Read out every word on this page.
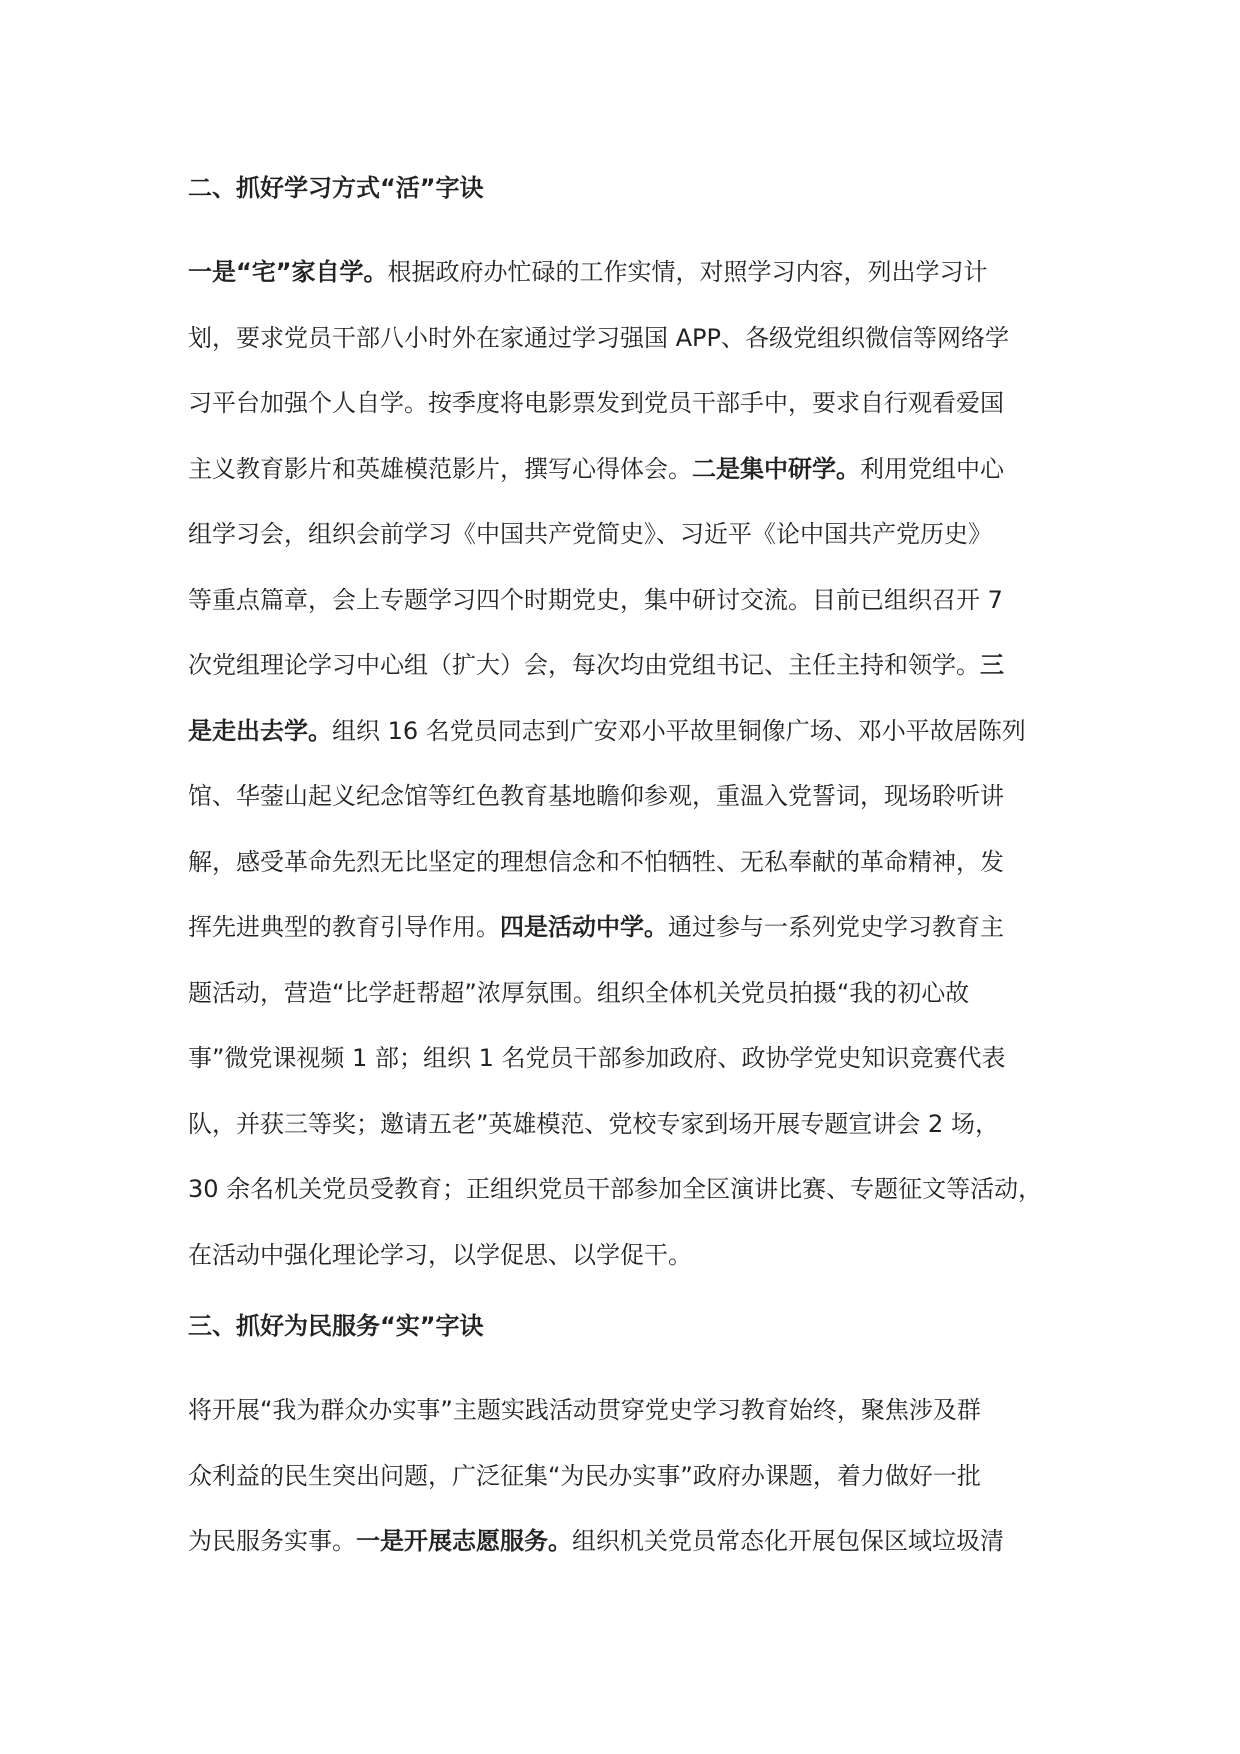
二、抓好学习方式“活”字诀
一是“宅”家自学。根据政府办忙碌的工作实情，对照学习内容，列出学习计
划，要求党员干部八小时外在家通过学习强国 APP、各级党组织微信等网络学
习平台加强个人自学。按季度将电影票发到党员干部手中，要求自行观看爱国
主义教育影片和英雄模范影片，撰写心得体会。二是集中研学。利用党组中心
组学习会，组织会前学习《中国共产党简史》、习近平《论中国共产党历史》
等重点篇章，会上专题学习四个时期党史，集中研讨交流。目前已组织召开 7
次党组理论学习中心组（扩大）会，每次均由党组书记、主任主持和领学。三
是走出去学。组织 16 名党员同志到广安邓小平故里铜像广场、邓小平故居陈列
馆、华蓥山起义纪念馆等红色教育基地瞻仰参观，重温入党誓词，现场聆听讲
解，感受革命先烈无比坚定的理想信念和不怕牺牲、无私奉献的革命精神，发
挥先进典型的教育引导作用。四是活动中学。通过参与一系列党史学习教育主
题活动，营造“比学赶帮超”浓厚氛围。组织全体机关党员拍摄“我的初心故
事”微党课视频 1 部；组织 1 名党员干部参加政府、政协学党史知识竞赛代表
队，并获三等奖；邀请五老”英雄模范、党校专家到场开展专题宣讲会 2 场，
30 余名机关党员受教育；正组织党员干部参加全区演讲比赛、专题征文等活动，
在活动中强化理论学习，以学促思、以学促干。
三、抓好为民服务“实”字诀
将开展“我为群众办实事”主题实践活动贯穿党史学习教育始终，聚焦涉及群
众利益的民生突出问题，广泛征集“为民办实事”政府办课题，着力做好一批
为民服务实事。一是开展志愿服务。组织机关党员常态化开展包保区域垃圾清
